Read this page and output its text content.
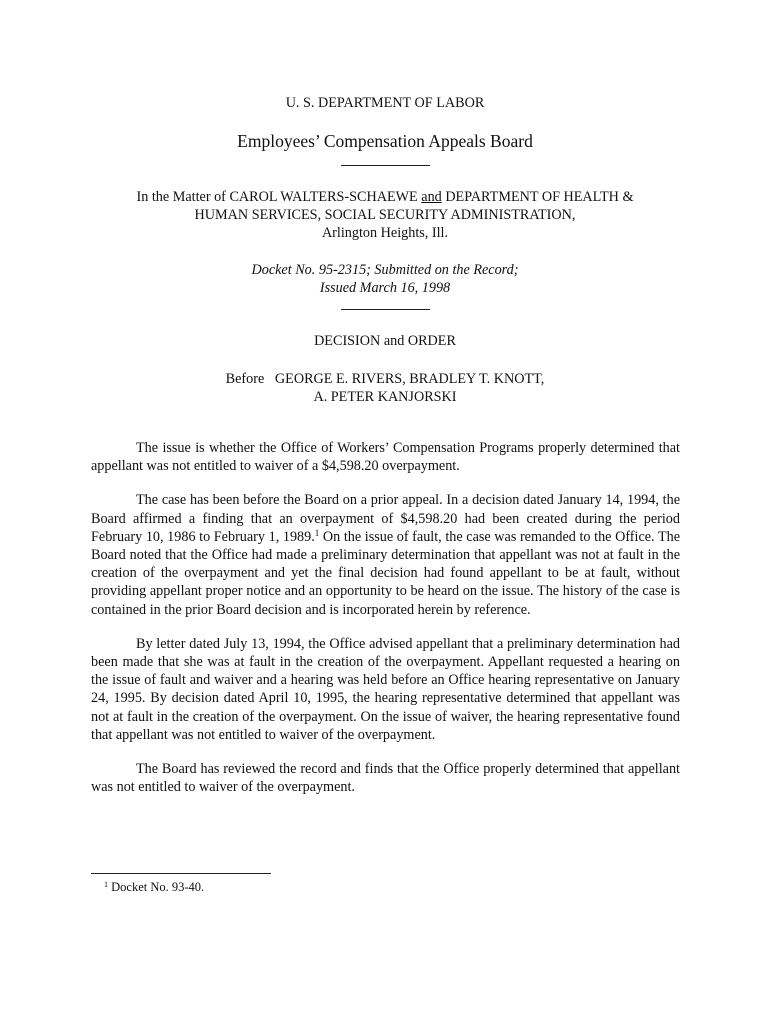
U. S. DEPARTMENT OF LABOR
Employees’ Compensation Appeals Board
In the Matter of CAROL WALTERS-SCHAEWE and DEPARTMENT OF HEALTH &
HUMAN SERVICES, SOCIAL SECURITY ADMINISTRATION,
Arlington Heights, Ill.
Docket No. 95-2315; Submitted on the Record;
Issued March 16, 1998
DECISION and ORDER
Before GEORGE E. RIVERS, BRADLEY T. KNOTT,
A. PETER KANJORSKI

The issue is whether the Office of Workers’ Compensation Programs properly determined that appellant was not entitled to waiver of a $4,598.20 overpayment.

The case has been before the Board on a prior appeal. In a decision dated January 14, 1994, the Board affirmed a finding that an overpayment of $4,598.20 had been created during the period February 10, 1986 to February 1, 1989.$^1$ On the issue of fault, the case was remanded to the Office. The Board noted that the Office had made a preliminary determination that appellant was not at fault in the creation of the overpayment and yet the final decision had found appellant to be at fault, without providing appellant proper notice and an opportunity to be heard on the issue. The history of the case is contained in the prior Board decision and is incorporated herein by reference.

By letter dated July 13, 1994, the Office advised appellant that a preliminary determination had been made that she was at fault in the creation of the overpayment. Appellant requested a hearing on the issue of fault and waiver and a hearing was held before an Office hearing representative on January 24, 1995. By decision dated April 10, 1995, the hearing representative determined that appellant was not at fault in the creation of the overpayment. On the issue of waiver, the hearing representative found that appellant was not entitled to waiver of the overpayment.

The Board has reviewed the record and finds that the Office properly determined that appellant was not entitled to waiver of the overpayment.

$^1$ Docket No. 93-40.
